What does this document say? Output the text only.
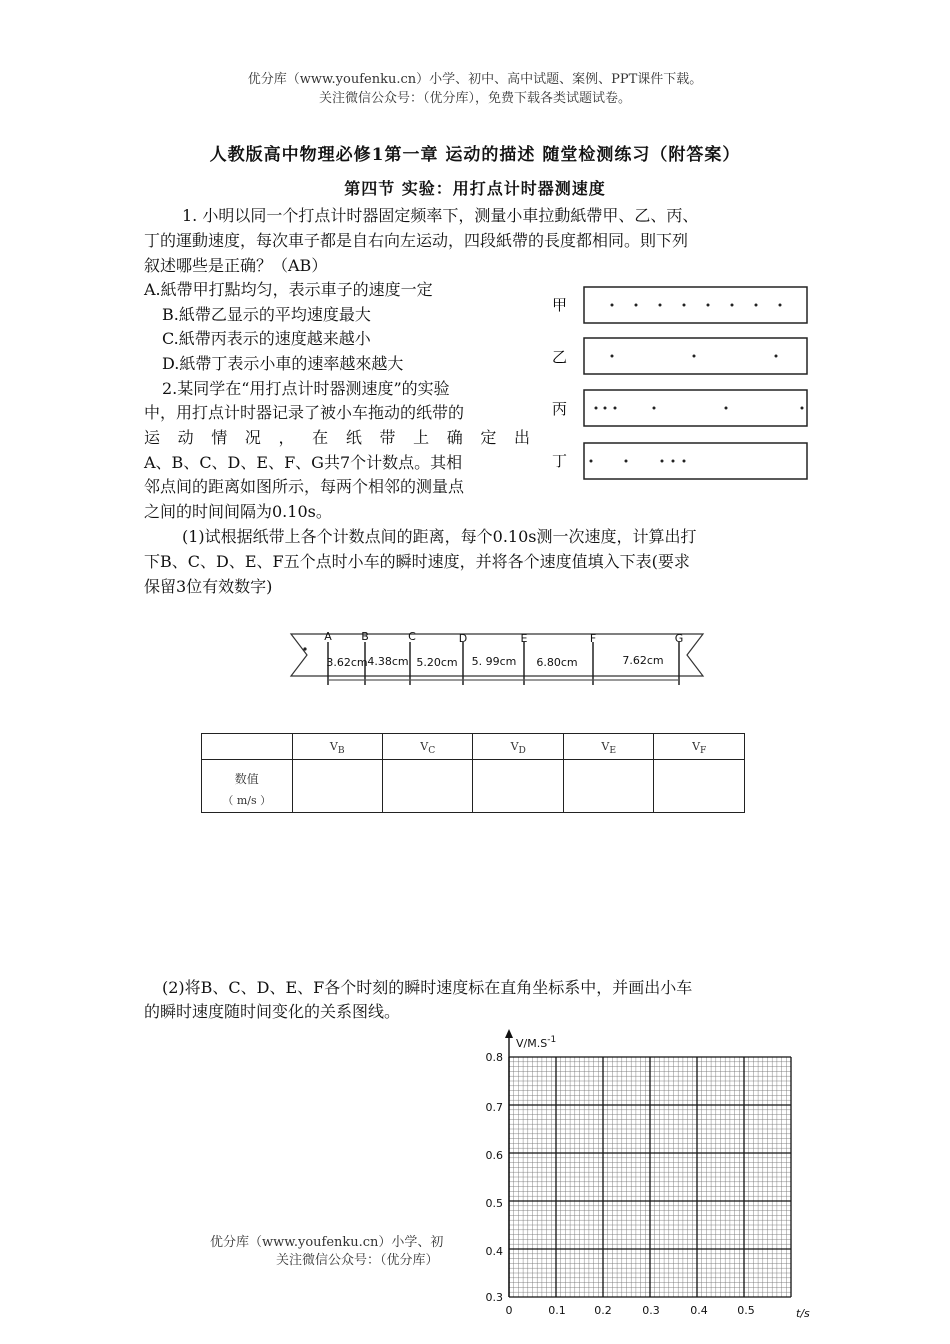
优分库（www.youfenku.cn）小学、初中、高中试题、案例、PPT课件下载。
关注微信公众号：（优分库），免费下载各类试题试卷。
人教版高中物理必修1第一章 运动的描述 随堂检测练习（附答案）
第四节 实验：用打点计时器测速度
1. 小明以同一个打点计时器固定频率下，测量小車拉動紙帶甲、乙、丙、
丁的運動速度，每次車子都是自右向左运动，四段紙帶的長度都相同。則下列
叙述哪些是正确？（AB）
A.紙帶甲打點均匀，表示車子的速度一定
B.紙帶乙显示的平均速度最大
C.紙帶丙表示的速度越来越小
D.紙帶丁表示小車的速率越來越大
甲
乙
丙
丁
2.某同学在“用打点计时器测速度”的实验
中，用打点计时器记录了被小车拖动的纸带的
运 动 情 况 ， 在 纸 带 上 确 定 出
A、B、C、D、E、F、G共7个计数点。其相
邻点间的距离如图所示，每两个相邻的测量点
之间的时间间隔为0.10s。
(1)试根据纸带上各个计数点间的距离，每个0.10s测一次速度，计算出打
下B、C、D、E、F五个点时小车的瞬时速度，并将各个速度值填入下表(要求
保留3位有效数字)
A	B	C	D	E	F	G
3.62cm 4.38cm 5.20cm 5. 99cm 6.80cm	7.62cm
	$V_B$	$V_C$	$V_D$	$V_E$	$V_F$

数值
（ m/s ）					

(2)将B、C、D、E、F各个时刻的瞬时速度标在直角坐标系中，并画出小车
的瞬时速度随时间变化的关系图线。
$V/M.S^{-1}$
0.8
0.7
0.6
0.5
0.4
0.3
0	0.1	0.2	0.3	0.4	0.5	t/s
优分库（www.youfenku.cn）小学、初
关注微信公众号：（优分库）
